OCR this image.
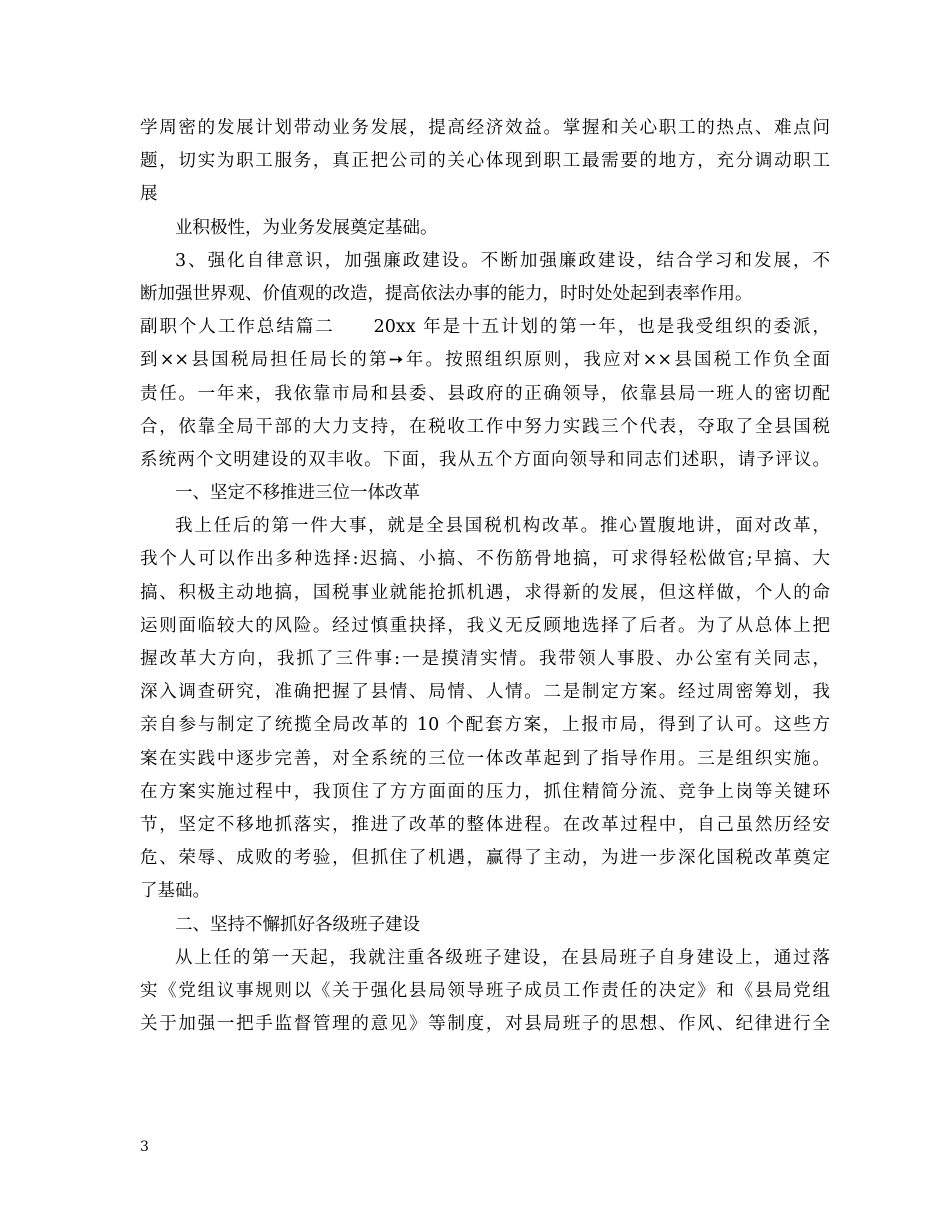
学周密的发展计划带动业务发展，提高经济效益。掌握和关心职工的热点、难点问
题，切实为职工服务，真正把公司的关心体现到职工最需要的地方，充分调动职工
展
业积极性，为业务发展奠定基础。
3、强化自律意识，加强廉政建设。不断加强廉政建设，结合学习和发展，不
断加强世界观、价值观的改造，提高依法办事的能力，时时处处起到表率作用。
副职个人工作总结篇二　　20xx 年是十五计划的第一年，也是我受组织的委派，
到××县国税局担任局长的第➙年。按照组织原则，我应对××县国税工作负全面
责任。一年来，我依靠市局和县委、县政府的正确领导，依靠县局一班人的密切配
合，依靠全局干部的大力支持，在税收工作中努力实践三个代表，夺取了全县国税
系统两个文明建设的双丰收。下面，我从五个方面向领导和同志们述职，请予评议。
一、坚定不移推进三位一体改革
我上任后的第一件大事，就是全县国税机构改革。推心置腹地讲，面对改革，
我个人可以作出多种选择:迟搞、小搞、不伤筋骨地搞，可求得轻松做官;早搞、大
搞、积极主动地搞，国税事业就能抢抓机遇，求得新的发展，但这样做，个人的命
运则面临较大的风险。经过慎重抉择，我义无反顾地选择了后者。为了从总体上把
握改革大方向，我抓了三件事:一是摸清实情。我带领人事股、办公室有关同志，
深入调查研究，准确把握了县情、局情、人情。二是制定方案。经过周密筹划，我
亲自参与制定了统揽全局改革的 10 个配套方案，上报市局，得到了认可。这些方
案在实践中逐步完善，对全系统的三位一体改革起到了指导作用。三是组织实施。
在方案实施过程中，我顶住了方方面面的压力，抓住精简分流、竞争上岗等关键环
节，坚定不移地抓落实，推进了改革的整体进程。在改革过程中，自己虽然历经安
危、荣辱、成败的考验，但抓住了机遇，赢得了主动，为进一步深化国税改革奠定
了基础。
二、坚持不懈抓好各级班子建设
从上任的第一天起，我就注重各级班子建设，在县局班子自身建设上，通过落
实《党组议事规则以《关于强化县局领导班子成员工作责任的决定》和《县局党组
关于加强一把手监督管理的意见》等制度，对县局班子的思想、作风、纪律进行全
3
